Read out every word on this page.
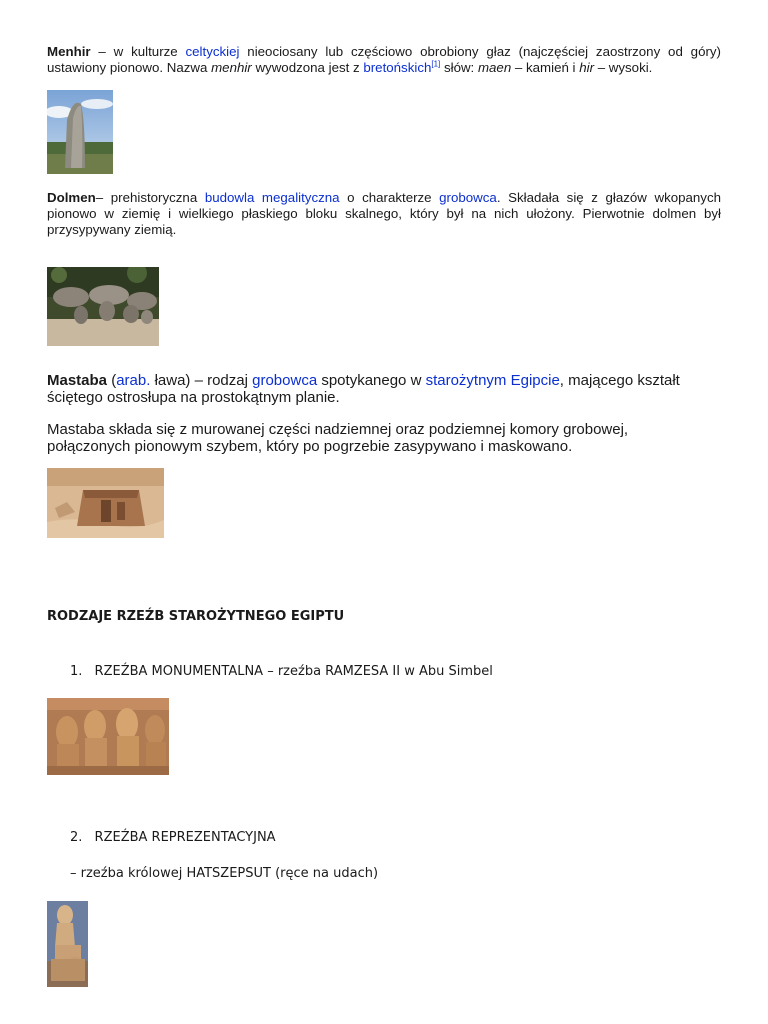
Menhir – w kulturze celtyckiej nieociosany lub częściowo obrobiony głaz (najczęściej zaostrzony od góry) ustawiony pionowo. Nazwa menhir wywodzona jest z bretońskich[1] słów: maen – kamień i hir – wysoki.
Dolmen– prehistoryczna budowla megalityczna o charakterze grobowca. Składała się z głazów wkopanych pionowo w ziemię i wielkiego płaskiego bloku skalnego, który był na nich ułożony. Pierwotnie dolmen był przysypywany ziemią.
Mastaba (arab. ława) – rodzaj grobowca spotykanego w starożytnym Egipcie, mającego kształt ściętego ostrosłupa na prostokątnym planie.
Mastaba składa się z murowanej części nadziemnej oraz podziemnej komory grobowej, połączonych pionowym szybem, który po pogrzebie zasypywano i maskowano.
RODZAJE RZEŹB STAROŻYTNEGO EGIPTU
1. RZEŹBA MONUMENTALNA – rzeźba RAMZESA II w Abu Simbel
2. RZEŹBA REPREZENTACYJNA
– rzeźba królowej HATSZEPSUT (ręce na udach)
